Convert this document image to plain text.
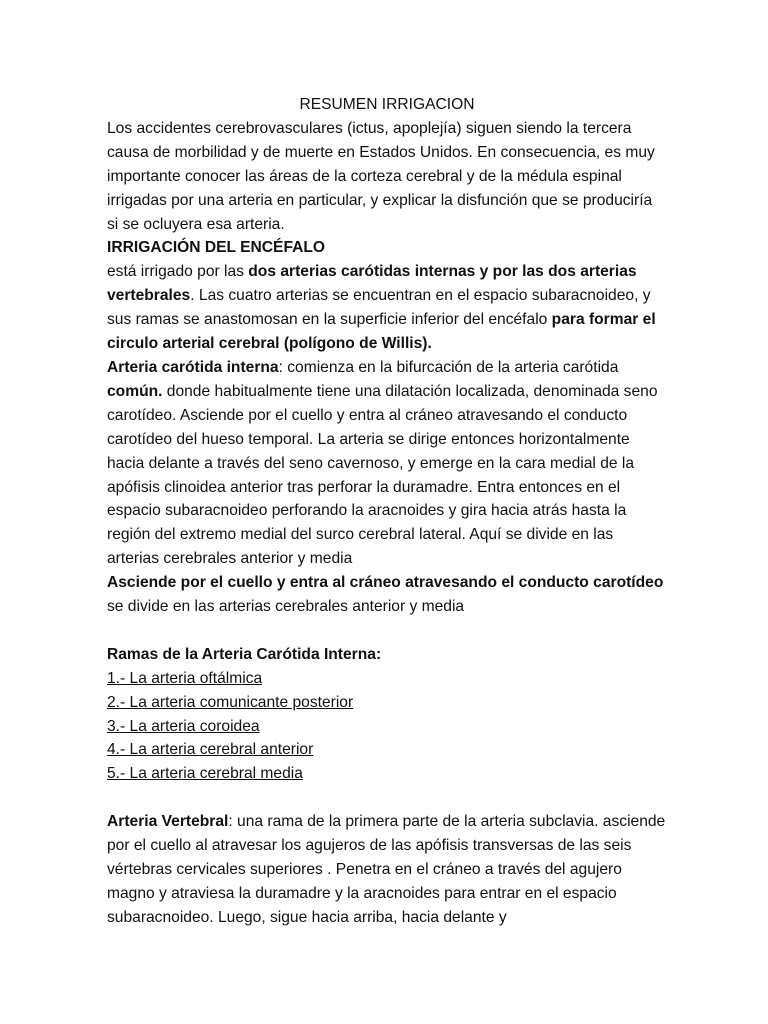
RESUMEN IRRIGACION

Los accidentes cerebrovasculares (ictus, apoplejía) siguen siendo la tercera causa de morbilidad y de muerte en Estados Unidos. En consecuencia, es muy importante conocer las áreas de la corteza cerebral y de la médula espinal irrigadas por una arteria en particular, y explicar la disfunción que se produciría si se ocluyera esa arteria.

IRRIGACIÓN DEL ENCÉFALO

está irrigado por las dos arterias carótidas internas y por las dos arterias vertebrales. Las cuatro arterias se encuentran en el espacio subaracnoideo, y sus ramas se anastomosan en la superficie inferior del encéfalo para formar el circulo arterial cerebral (polígono de Willis).

Arteria carótida interna: comienza en la bifurcación de la arteria carótida común. donde habitualmente tiene una dilatación localizada, denominada seno carotídeo. Asciende por el cuello y entra al cráneo atravesando el conducto carotídeo del hueso temporal. La arteria se dirige entonces horizontalmente hacia delante a través del seno cavernoso, y emerge en la cara medial de la apófisis clinoidea anterior tras perforar la duramadre. Entra entonces en el espacio subaracnoideo perforando la aracnoides y gira hacia atrás hasta la región del extremo medial del surco cerebral lateral. Aquí se divide en las arterias cerebrales anterior y media

Asciende por el cuello y entra al cráneo atravesando el conducto carotídeo

se divide en las arterias cerebrales anterior y media

Ramas de la Arteria Carótida Interna:

1.- La arteria oftálmica

2.- La arteria comunicante posterior

3.- La arteria coroidea

4.- La arteria cerebral anterior

5.- La arteria cerebral media

Arteria Vertebral: una rama de la primera parte de la arteria subclavia. asciende por el cuello al atravesar los agujeros de las apófisis transversas de las seis vértebras cervicales superiores . Penetra en el cráneo a través del agujero magno y atraviesa la duramadre y la aracnoides para entrar en el espacio subaracnoideo. Luego, sigue hacia arriba, hacia delante y
